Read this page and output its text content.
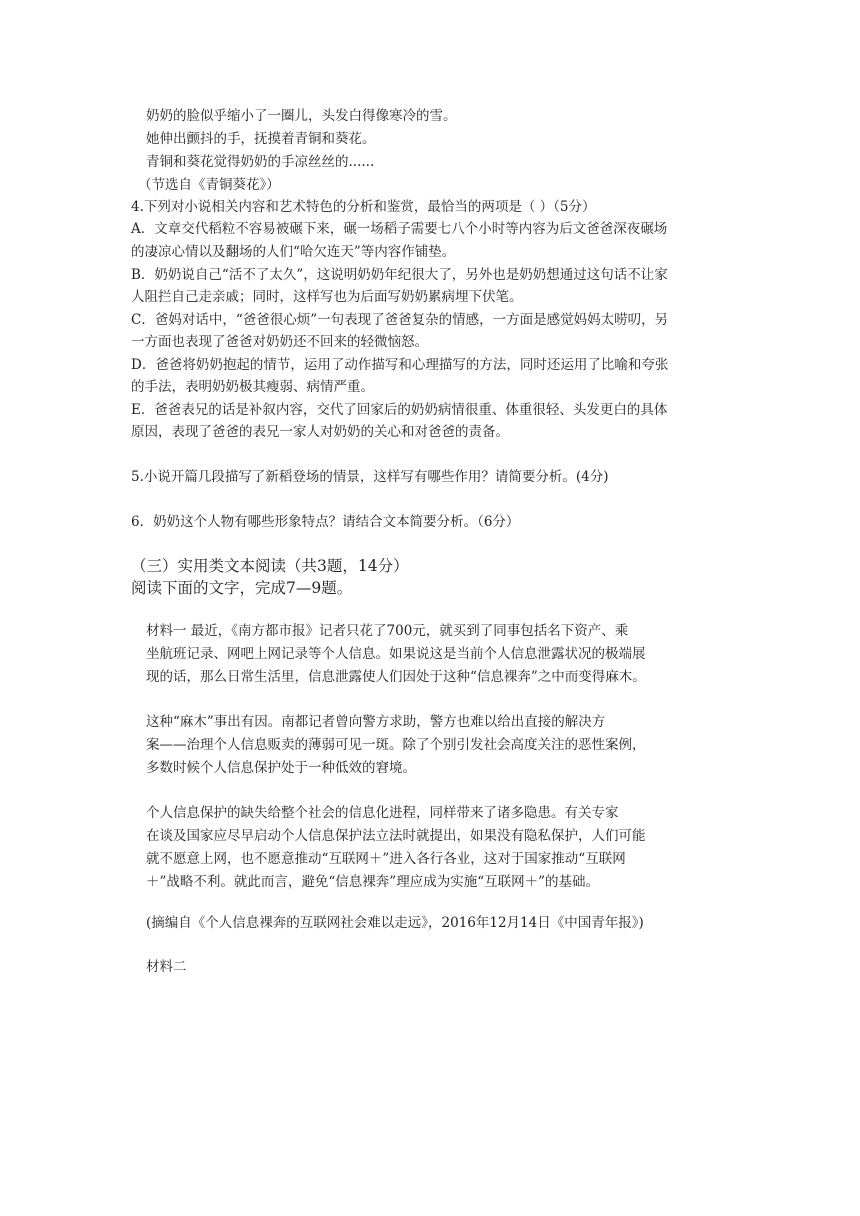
奶奶的脸似乎缩小了一圈儿，头发白得像寒冷的雪。
她伸出颤抖的手，抚摸着青铜和葵花。
青铜和葵花觉得奶奶的手凉丝丝的......
（节选自《青铜葵花》）
4.下列对小说相关内容和艺术特色的分析和鉴赏，最恰当的两项是（ ）（5分）
A．文章交代稻粒不容易被碾下来，碾一场稻子需要七八个小时等内容为后文爸爸深夜碾场
的凄凉心情以及翻场的人们“哈欠连天”等内容作铺垫。
B．奶奶说自己“活不了太久”，这说明奶奶年纪很大了，另外也是奶奶想通过这句话不让家
人阻拦自己走亲戚；同时，这样写也为后面写奶奶累病埋下伏笔。
C．爸妈对话中，“爸爸很心烦”一句表现了爸爸复杂的情感，一方面是感觉妈妈太唠叨，另
一方面也表现了爸爸对奶奶还不回来的轻微恼怒。
D．爸爸将奶奶抱起的情节，运用了动作描写和心理描写的方法，同时还运用了比喻和夸张
的手法，表明奶奶极其瘦弱、病情严重。
E．爸爸表兄的话是补叙内容，交代了回家后的奶奶病情很重、体重很轻、头发更白的具体
原因，表现了爸爸的表兄一家人对奶奶的关心和对爸爸的责备。
5.小说开篇几段描写了新稻登场的情景，这样写有哪些作用？请简要分析。(4分)
6．奶奶这个人物有哪些形象特点？请结合文本简要分析。（6分）
（三）实用类文本阅读（共3题，14分）
阅读下面的文字，完成7—9题。
材料一 最近，《南方都市报》记者只花了700元，就买到了同事包括名下资产、乘
坐航班记录、网吧上网记录等个人信息。如果说这是当前个人信息泄露状况的极端展
现的话，那么日常生活里，信息泄露使人们因处于这种“信息裸奔”之中而变得麻木。
这种“麻木”事出有因。南都记者曾向警方求助，警方也难以给出直接的解决方
案——治理个人信息贩卖的薄弱可见一斑。除了个别引发社会高度关注的恶性案例，
多数时候个人信息保护处于一种低效的窘境。
个人信息保护的缺失给整个社会的信息化进程，同样带来了诸多隐患。有关专家
在谈及国家应尽早启动个人信息保护法立法时就提出，如果没有隐私保护，人们可能
就不愿意上网，也不愿意推动“互联网＋”进入各行各业，这对于国家推动“互联网
＋”战略不利。就此而言，避免“信息裸奔”理应成为实施“互联网＋”的基础。
(摘编自《个人信息裸奔的互联网社会难以走远》，2016年12月14日《中国青年报》)
材料二
